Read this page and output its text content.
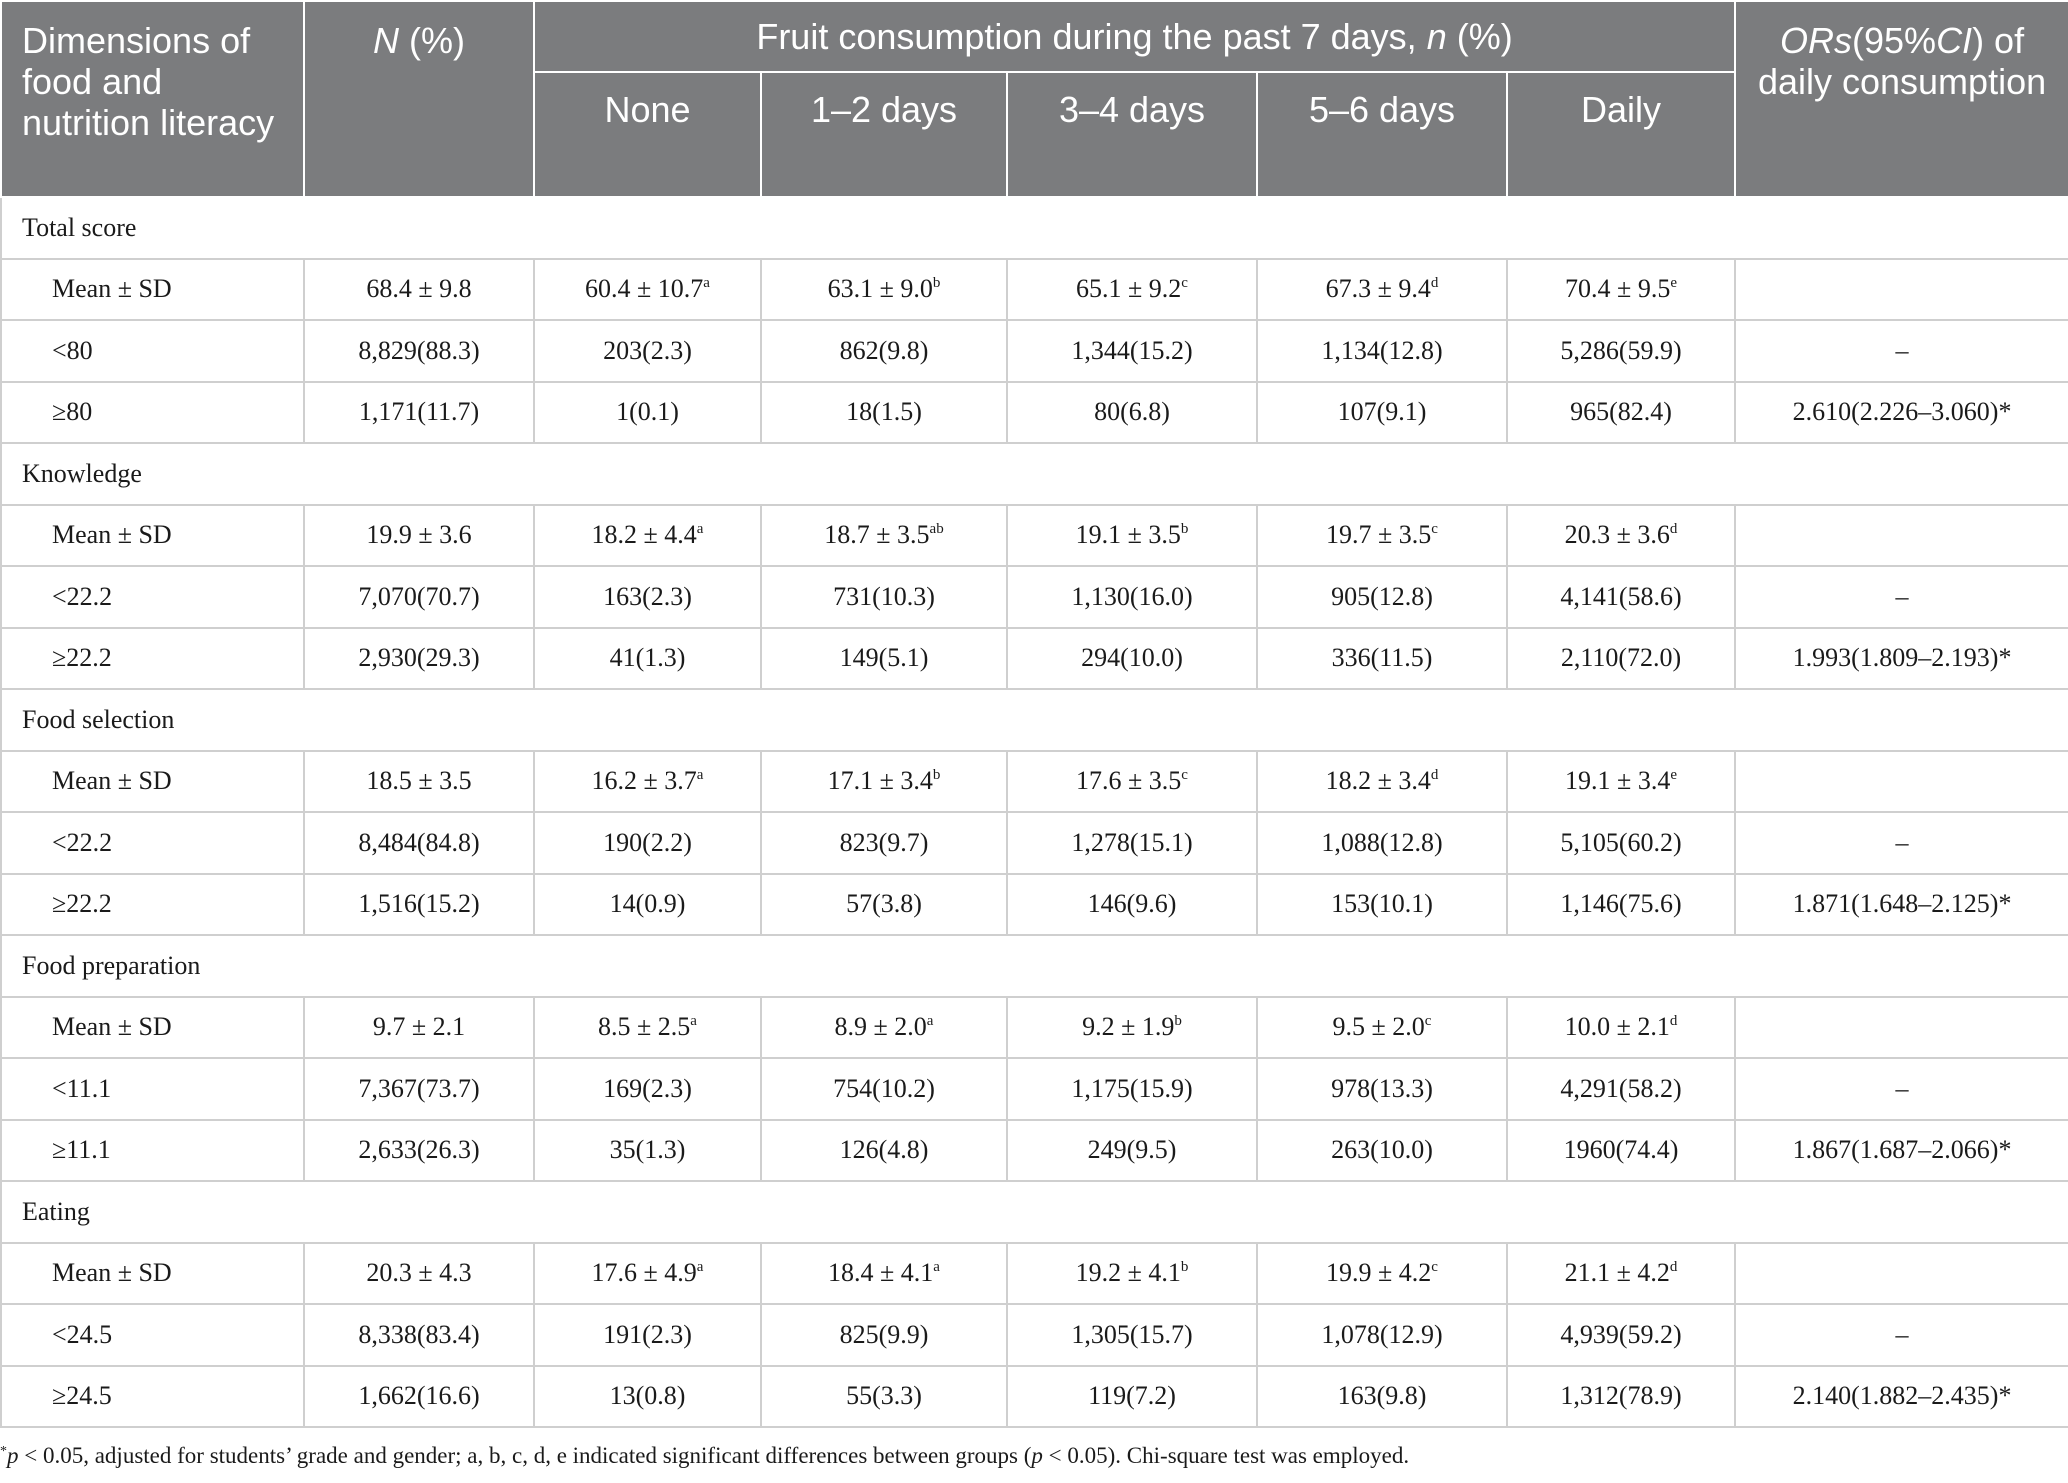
Dimensions of food and nutrition literacy	N (%)	Fruit consumption during the past 7 days, n (%)					ORs(95%CI) of daily consumption
		None	1–2 days	3–4 days	5–6 days	Daily	
Total score							
Mean ± SD	68.4 ± 9.8	60.4 ± 10.7$^a$	63.1 ± 9.0$^b$	65.1 ± 9.2$^c$	67.3 ± 9.4$^d$	70.4 ± 9.5$^e$	
<80	8,829(88.3)	203(2.3)	862(9.8)	1,344(15.2)	1,134(12.8)	5,286(59.9)	–
≥80	1,171(11.7)	1(0.1)	18(1.5)	80(6.8)	107(9.1)	965(82.4)	2.610(2.226–3.060)*
Knowledge							
Mean ± SD	19.9 ± 3.6	18.2 ± 4.4$^a$	18.7 ± 3.5$^{ab}$	19.1 ± 3.5$^b$	19.7 ± 3.5$^c$	20.3 ± 3.6$^d$	
<22.2	7,070(70.7)	163(2.3)	731(10.3)	1,130(16.0)	905(12.8)	4,141(58.6)	–
≥22.2	2,930(29.3)	41(1.3)	149(5.1)	294(10.0)	336(11.5)	2,110(72.0)	1.993(1.809–2.193)*
Food selection							
Mean ± SD	18.5 ± 3.5	16.2 ± 3.7$^a$	17.1 ± 3.4$^b$	17.6 ± 3.5$^c$	18.2 ± 3.4$^d$	19.1 ± 3.4$^e$	
<22.2	8,484(84.8)	190(2.2)	823(9.7)	1,278(15.1)	1,088(12.8)	5,105(60.2)	–
≥22.2	1,516(15.2)	14(0.9)	57(3.8)	146(9.6)	153(10.1)	1,146(75.6)	1.871(1.648–2.125)*
Food preparation							
Mean ± SD	9.7 ± 2.1	8.5 ± 2.5$^a$	8.9 ± 2.0$^a$	9.2 ± 1.9$^b$	9.5 ± 2.0$^c$	10.0 ± 2.1$^d$	
<11.1	7,367(73.7)	169(2.3)	754(10.2)	1,175(15.9)	978(13.3)	4,291(58.2)	–
≥11.1	2,633(26.3)	35(1.3)	126(4.8)	249(9.5)	263(10.0)	1960(74.4)	1.867(1.687–2.066)*
Eating							
Mean ± SD	20.3 ± 4.3	17.6 ± 4.9$^a$	18.4 ± 4.1$^a$	19.2 ± 4.1$^b$	19.9 ± 4.2$^c$	21.1 ± 4.2$^d$	
<24.5	8,338(83.4)	191(2.3)	825(9.9)	1,305(15.7)	1,078(12.9)	4,939(59.2)	–
≥24.5	1,662(16.6)	13(0.8)	55(3.3)	119(7.2)	163(9.8)	1,312(78.9)	2.140(1.882–2.435)*
*p < 0.05, adjusted for students’ grade and gender; a, b, c, d, e indicated significant differences between groups (p < 0.05). Chi-square test was employed.
